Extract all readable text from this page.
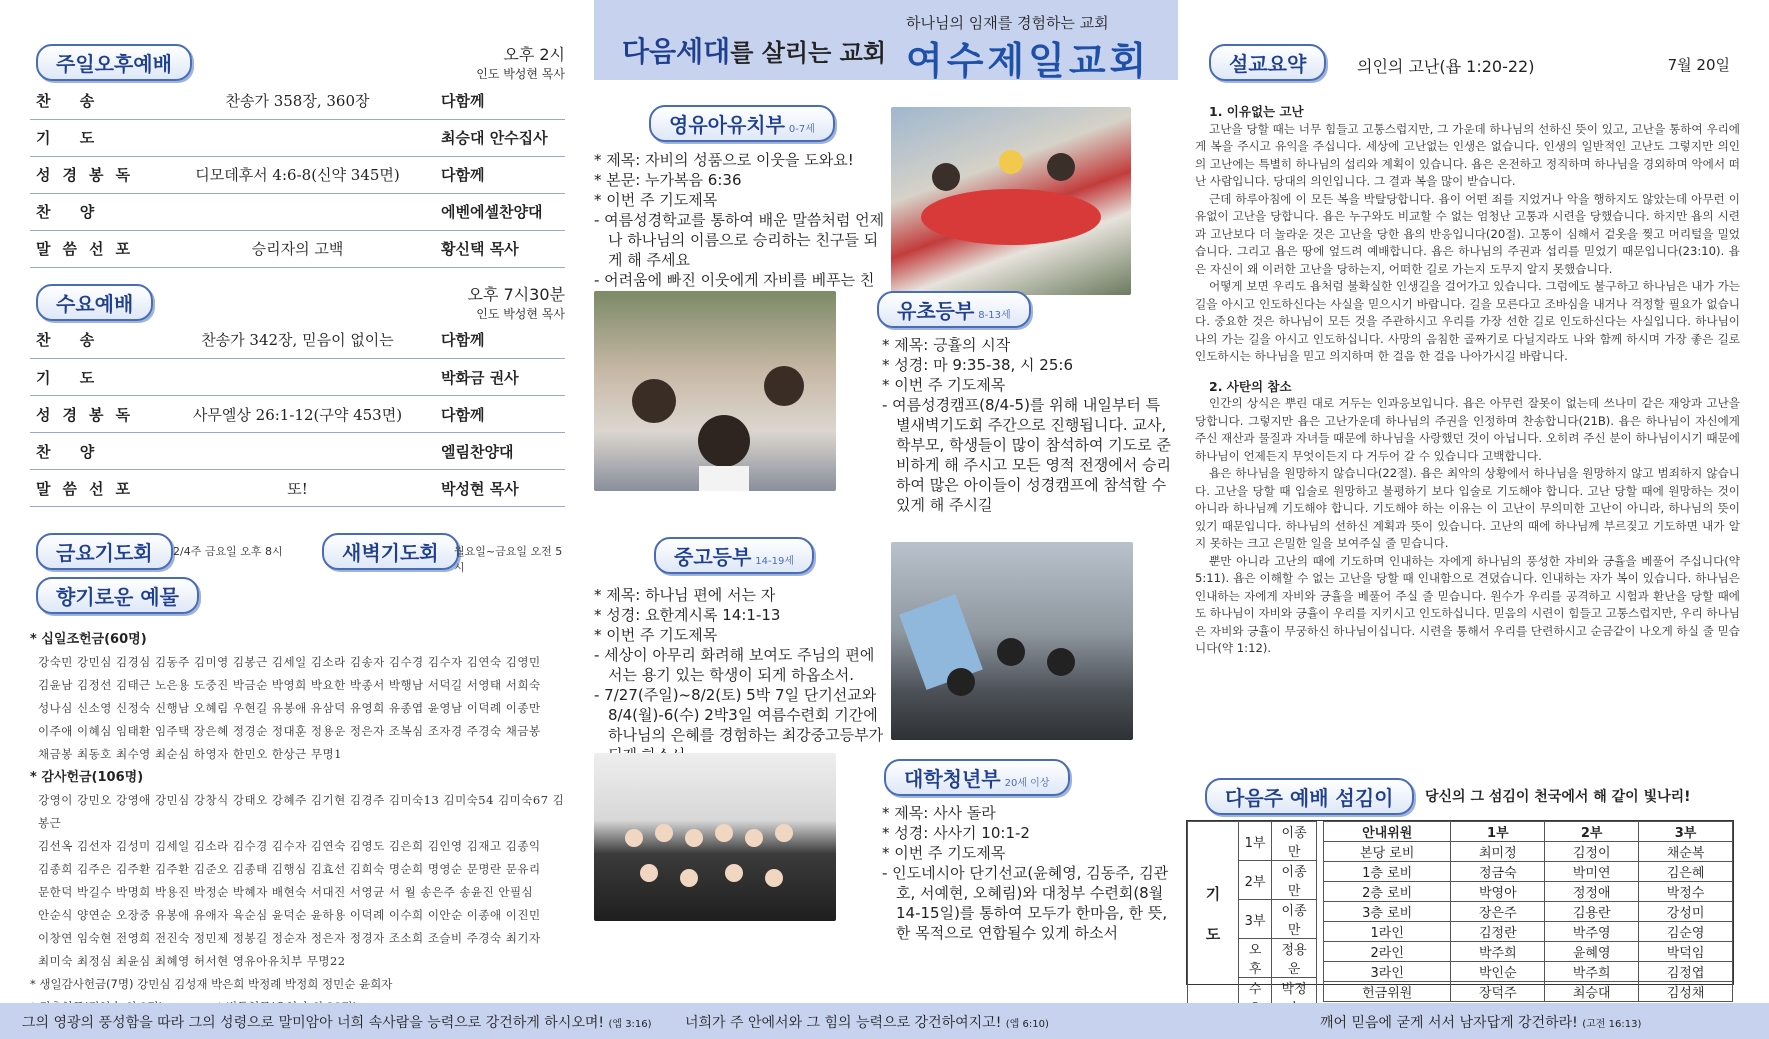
주일오후예배	오후 2시
인도 박성현 목사
찬 송	찬송가 358장, 360장	다함께
기 도		최승대 안수집사
성경봉독	디모데후서 4:6-8(신약 345면)	다함께
찬 양		에벤에셀찬양대
말씀선포	승리자의 고백	황신택 목사
수요예배	오후 7시30분
인도 박성현 목사
찬 송	찬송가 342장, 믿음이 없이는	다함께
기 도		박화금 권사
성경봉독	사무엘상 26:1-12(구약 453면)	다함께
찬 양		엘림찬양대
말씀선포	또!	박성현 목사
금요기도회	2/4주 금요일 오후 8시	새벽기도회	월요일~금요일 오전 5시
향기로운 예물
* 십일조헌금(60명)
강숙민 강민심 김경심 김동주 김미영 김봉근 김세일 김소라 김송자 김수경 김수자 김연숙 김영민
김윤남 김정선 김태근 노은용 도중진 박금순 박영희 박요한 박종서 박행남 서덕길 서영태 서희숙
성나심 신소영 신정숙 신행남 오혜림 우현길 유봉애 유삼덕 유영희 유종엽 윤영남 이덕례 이종만
이주애 이혜심 임태환 임주택 장은혜 정경순 정대훈 정용운 정은자 조복심 조자경 주경숙 채금봉
채금봉 최동호 최수영 최순심 하영자 한민오 한상근 무명1
* 감사헌금(106명)
강영이 강민오 강영애 강민심 강창식 강태오 강혜주 김기현 김경주 김미숙13 김미숙54 김미숙67 김봉근
김선옥 김선자 김성미 김세일 김소라 김수경 김수자 김연숙 김영도 김은희 김인영 김재고 김종익
김종희 김주은 김주환 김주환 김준오 김종태 김행심 김효선 김희숙 명순희 명영순 문명란 문유리
문한덕 박길수 박명희 박용진 박정순 박혜자 배현숙 서대진 서영균 서 월 송은주 송윤진 안필심
안순식 양연순 오장중 유봉애 유애자 육순심 윤덕순 윤하용 이덕례 이수희 이안순 이종애 이진민
이창연 임숙현 전영희 전진숙 정민제 정봉길 정순자 정은자 정경자 조소희 조슬비 주경숙 최기자
최미숙 최정심 최윤심 최혜영 허서현 영유아유치부 무명22
* 생일감사헌금(7명) 강민심 김성재 박은희 박정례 박정희 정민순 윤희자
하나님의 임재를 경험하는 교회
다음세대를 살리는 교회 여수제일교회
영유아유치부 0-7세
* 제목: 자비의 성품으로 이웃을 도와요!
* 본문: 누가복음 6:36
* 이번 주 기도제목
- 여름성경학교를 통하여 배운 말씀처럼 언제나 하나님의 이름으로 승리하는 친구들 되게 해 주세요
- 어려움에 빠진 이웃에게 자비를 베푸는 친
유초등부 8-13세
* 제목: 긍휼의 시작
* 성경: 마 9:35-38, 시 25:6
* 이번 주 기도제목
- 여름성경캠프(8/4-5)를 위해 내일부터 특별새벽기도회 주간으로 진행됩니다. 교사, 학부모, 학생들이 많이 참석하여 기도로 준비하게 해 주시고 모든 영적 전쟁에서 승리하여 많은 아이들이 성경캠프에 참석할 수 있게 해 주시길
중고등부 14-19세
* 제목: 하나님 편에 서는 자
* 성경: 요한계시록 14:1-13
* 이번 주 기도제목
- 세상이 아무리 화려해 보여도 주님의 편에 서는 용기 있는 학생이 되게 하옵소서.
- 7/27(주일)~8/2(토) 5박 7일 단기선교와 8/4(월)-6(수) 2박3일 여름수련회 기간에 하나님의 은혜를 경험하는 최강중고등부가
대학청년부 20세 이상
* 제목: 사사 돌라
* 성경: 사사기 10:1-2
* 이번 주 기도제목
- 인도네시아 단기선교(윤혜영, 김동주, 김관호, 서예현, 오혜림)와 대청부 수련회(8월 14-15일)를 통하여 모두가 한마음, 한 뜻, 한 목적으로 연합될수 있게 하소서
설교요약	의인의 고난(욥 1:20-22)	7월 20일
1. 이유없는 고난

고난을 당할 때는 너무 힘들고 고통스럽지만, 그 가운데 하나님의 선하신 뜻이 있고, 고난을 통하여 우리에게 복을 주시고 유익을 주십니다. 세상에 고난없는 인생은 없습니다. 인생의 일반적인 고난도 그렇지만 의인의 고난에는 특별히 하나님의 섭리와 계획이 있습니다. 욥은 온전하고 정직하며 하나님을 경외하며 악에서 떠난 사람입니다. 당대의 의인입니다. 그 결과 복을 많이 받습니다.

근데 하루아침에 이 모든 복을 박탈당합니다. 욥이 어떤 죄를 지었거나 악을 행하지도 않았는데 아무런 이유없이 고난을 당합니다. 욥은 누구와도 비교할 수 없는 엄청난 고통과 시련을 당했습니다. 하지만 욥의 시련과 고난보다 더 놀라운 것은 고난을 당한 욥의 반응입니다(20절). 고통이 심해서 겉옷을 찢고 머리털을 밀었습니다. 그리고 욥은 땅에 엎드려 예배합니다. 욥은 하나님의 주권과 섭리를 믿었기 때문입니다(23:10). 욥은 자신이 왜 이러한 고난을 당하는지, 어떠한 길로 가는지 도무지 알지 못했습니다.

어떻게 보면 우리도 욥처럼 불확실한 인생길을 걸어가고 있습니다. 그럼에도 불구하고 하나님은 내가 가는 길을 아시고 인도하신다는 사실을 믿으시기 바랍니다. 길을 모른다고 조바심을 내거나 걱정할 필요가 없습니다. 중요한 것은 하나님이 모든 것을 주관하시고 우리를 가장 선한 길로 인도하신다는 사실입니다. 하나님이 나의 가는 길을 아시고 인도하십니다. 사망의 음침한 골짜기로 다닐지라도 나와 함께 하시며 가장 좋은 길로 인도하시는 하나님을 믿고 의지하며 한 걸음 한 걸음 나아가시길 바랍니다.

2. 사탄의 참소

인간의 상식은 뿌린 대로 거두는 인과응보입니다. 욥은 아무런 잘못이 없는데 쓰나미 같은 재앙과 고난을 당합니다. 그렇지만 욥은 고난가운데 하나님의 주권을 인정하며 찬송합니다(21B). 욥은 하나님이 자신에게 주신 재산과 물질과 자녀들 때문에 하나님을 사랑했던 것이 아닙니다. 오히려 주신 분이 하나님이시기 때문에 하나님이 언제든지 무엇이든지 다 거두어 갈 수 있습니다 고백합니다.

욥은 하나님을 원망하지 않습니다(22절). 욥은 최악의 상황에서 하나님을 원망하지 않고 범죄하지 않습니다. 고난을 당할 때 입술로 원망하고 불평하기 보다 입술로 기도해야 합니다. 고난 당할 때에 원망하는 것이 아니라 하나님께 기도해야 합니다. 기도해야 하는 이유는 이 고난이 무의미한 고난이 아니라, 하나님의 뜻이 있기 때문입니다. 하나님의 선하신 계획과 뜻이 있습니다. 고난의 때에 하나님께 부르짖고 기도하면 내가 알지 못하는 크고 은밀한 일을 보여주실 줄 믿습니다.

뿐만 아니라 고난의 때에 기도하며 인내하는 자에게 하나님의 풍성한 자비와 긍휼을 베풀어 주십니다(약 5:11). 욥은 이해할 수 없는 고난을 당할 때 인내함으로 견뎠습니다. 인내하는 자가 복이 있습니다. 하나님은 인내하는 자에게 자비와 긍휼을 베풀어 주실 줄 믿습니다. 원수가 우리를 공격하고 시험과 환난을 당할 때에도 하나님이 자비와 긍휼이 우리를 지키시고 인도하십니다. 믿음의 시련이 힘들고 고통스럽지만, 우리 하나님은 자비와 긍휼이 무궁하신 하나님이십니다. 시련을 통해서 우리를 단련하시고 순금같이 나오게 하실 줄 믿습니다(약 1:12).

다음주 예배 섬김이	당신의 그 섬김이 천국에서 해 같이 빛나리!
기 도	1부	이종만
	2부	이종만
	3부	이종만
	오후	정용운
	수	박정
안내위원	1부	2부	3부
본당 로비	최미정	김정이	채순복
1층 로비	정금숙	박미연	김은혜
2층 로비	박영아	정정애	박정수
3층 로비	장은주	김용란	강성미
1라인	김정란	박주영	김순영
2라인	박주희	윤혜영	박덕임
3라인	박인순	박주희	김정엽
헌금위원	장덕주	최승대	김성채
그의 영광의 풍성함을 따라 그의 성령으로 말미암아 너희 속사람을 능력으로 강건하게 하시오며! (엡 3:16) 너희가 주 안에서와 그 힘의 능력으로 강건하여지고! (엡 6:10)	깨어 믿음에 굳게 서서 남자답게 강건하라! (고전 16:13)
